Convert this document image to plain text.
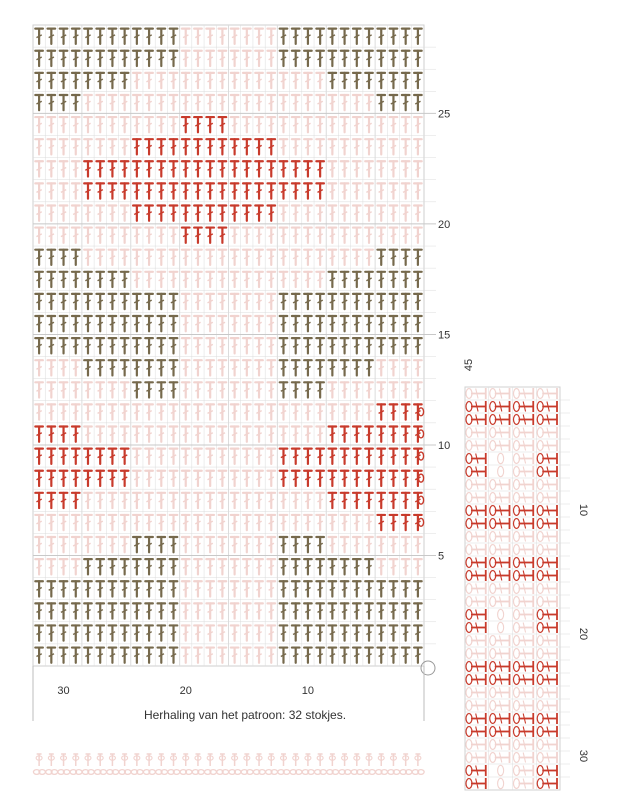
5
10
15
20
25
30	20	10
45
10
20
30
Herhaling van het patroon: 32 stokjes.
